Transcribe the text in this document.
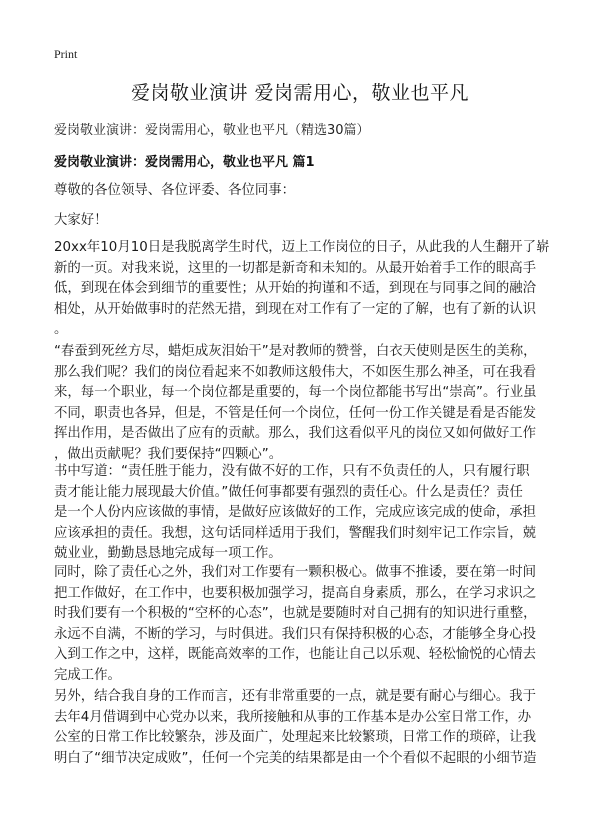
Print
爱岗敬业演讲 爱岗需用心，敬业也平凡
爱岗敬业演讲：爱岗需用心，敬业也平凡（精选30篇）
爱岗敬业演讲：爱岗需用心，敬业也平凡 篇1

尊敬的各位领导、各位评委、各位同事：

大家好！

20xx年10月10日是我脱离学生时代，迈上工作岗位的日子，从此我的人生翻开了崭
新的一页。对我来说，这里的一切都是新奇和未知的。从最开始着手工作的眼高手
低，到现在体会到细节的重要性；从开始的拘谨和不适，到现在与同事之间的融洽
相处，从开始做事时的茫然无措，到现在对工作有了一定的了解，也有了新的认识
。

“春蚕到死丝方尽，蜡炬成灰泪始干”是对教师的赞誉，白衣天使则是医生的美称，
那么我们呢？我们的岗位看起来不如教师这般伟大，不如医生那么神圣，可在我看
来，每一个职业，每一个岗位都是重要的，每一个岗位都能书写出“崇高”。行业虽
不同，职责也各异，但是，不管是任何一个岗位，任何一份工作关键是看是否能发
挥出作用，是否做出了应有的贡献。那么，我们这看似平凡的岗位又如何做好工作
，做出贡献呢？我们要保持“四颗心”。

书中写道：“责任胜于能力，没有做不好的工作，只有不负责任的人，只有履行职
责才能让能力展现最大价值。”做任何事都要有强烈的责任心。什么是责任？责任
是一个人份内应该做的事情，是做好应该做好的工作，完成应该完成的使命，承担
应该承担的责任。我想，这句话同样适用于我们，警醒我们时刻牢记工作宗旨，兢
兢业业，勤勤恳恳地完成每一项工作。

同时，除了责任心之外，我们对工作要有一颗积极心。做事不推诿，要在第一时间
把工作做好，在工作中，也要积极加强学习，提高自身素质，那么，在学习求识之
时我们要有一个积极的“空杯的心态”，也就是要随时对自己拥有的知识进行重整，
永远不自满，不断的学习，与时俱进。我们只有保持积极的心态，才能够全身心投
入到工作之中，这样，既能高效率的工作，也能让自己以乐观、轻松愉悦的心情去
完成工作。

另外，结合我自身的工作而言，还有非常重要的一点，就是要有耐心与细心。我于
去年4月借调到中心党办以来，我所接触和从事的工作基本是办公室日常工作，办
公室的日常工作比较繁杂，涉及面广，处理起来比较繁琐，日常工作的琐碎，让我
明白了“细节决定成败”，任何一个完美的结果都是由一个个看似不起眼的小细节造
